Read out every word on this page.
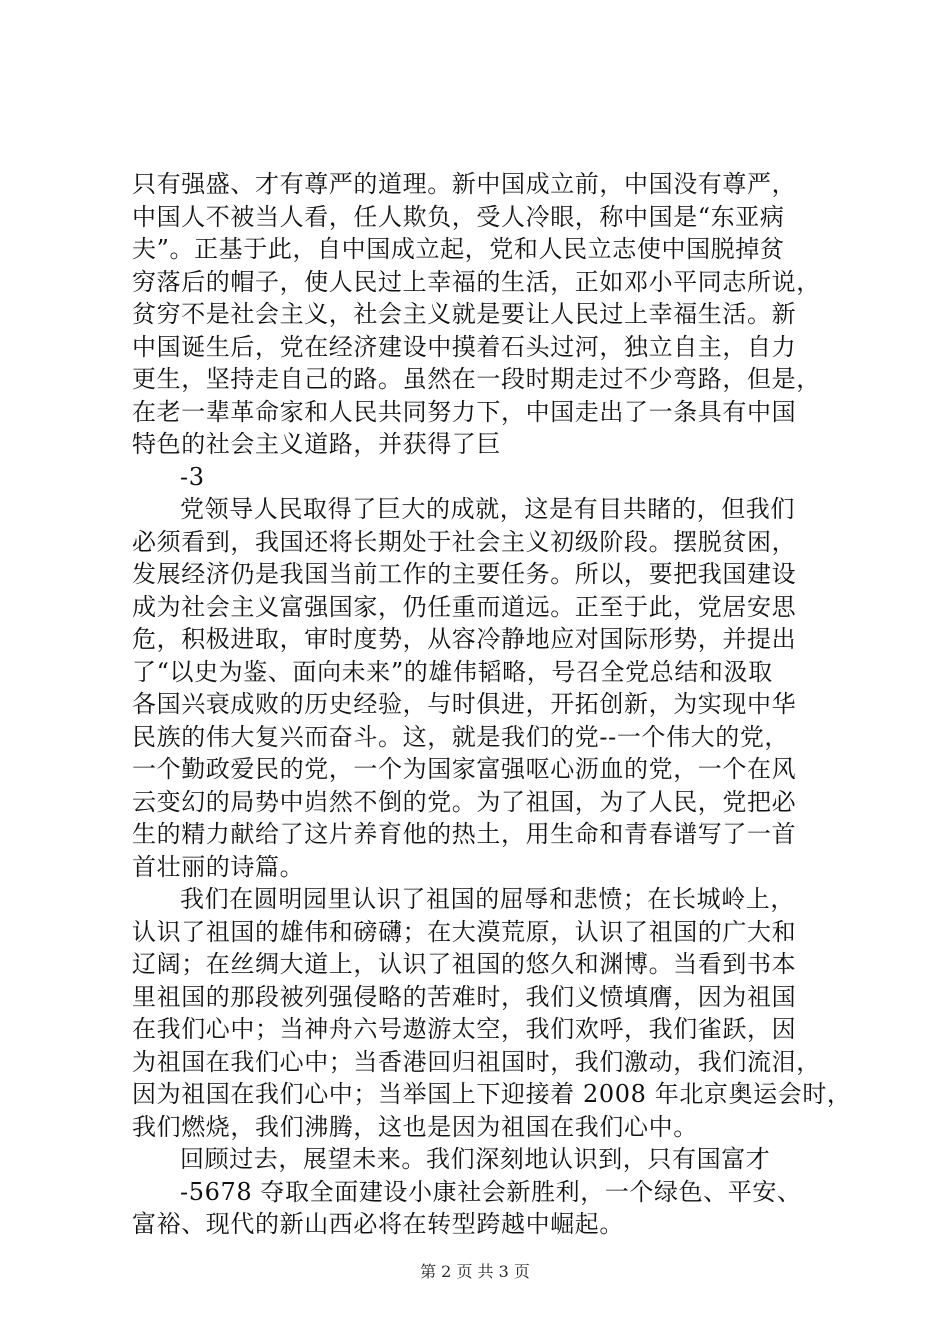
只有强盛、才有尊严的道理。新中国成立前，中国没有尊严，
中国人不被当人看，任人欺负，受人冷眼，称中国是“东亚病
夫”。正基于此，自中国成立起，党和人民立志使中国脱掉贫
穷落后的帽子，使人民过上幸福的生活，正如邓小平同志所说，
贫穷不是社会主义，社会主义就是要让人民过上幸福生活。新
中国诞生后，党在经济建设中摸着石头过河，独立自主，自力
更生，坚持走自己的路。虽然在一段时期走过不少弯路，但是，
在老一辈革命家和人民共同努力下，中国走出了一条具有中国
特色的社会主义道路，并获得了巨
-3
党领导人民取得了巨大的成就，这是有目共睹的，但我们
必须看到，我国还将长期处于社会主义初级阶段。摆脱贫困，
发展经济仍是我国当前工作的主要任务。所以，要把我国建设
成为社会主义富强国家，仍任重而道远。正至于此，党居安思
危，积极进取，审时度势，从容冷静地应对国际形势，并提出
了“以史为鉴、面向未来”的雄伟韬略，号召全党总结和汲取
各国兴衰成败的历史经验，与时俱进，开拓创新，为实现中华
民族的伟大复兴而奋斗。这，就是我们的党--一个伟大的党，
一个勤政爱民的党，一个为国家富强呕心沥血的党，一个在风
云变幻的局势中岿然不倒的党。为了祖国，为了人民，党把必
生的精力献给了这片养育他的热土，用生命和青春谱写了一首
首壮丽的诗篇。
我们在圆明园里认识了祖国的屈辱和悲愤；在长城岭上，
认识了祖国的雄伟和磅礴；在大漠荒原，认识了祖国的广大和
辽阔；在丝绸大道上，认识了祖国的悠久和渊博。当看到书本
里祖国的那段被列强侵略的苦难时，我们义愤填膺，因为祖国
在我们心中；当神舟六号遨游太空，我们欢呼，我们雀跃，因
为祖国在我们心中；当香港回归祖国时，我们激动，我们流泪，
因为祖国在我们心中；当举国上下迎接着 2008 年北京奥运会时，
我们燃烧，我们沸腾，这也是因为祖国在我们心中。
回顾过去，展望未来。我们深刻地认识到，只有国富才
-5678 夺取全面建设小康社会新胜利，一个绿色、平安、
富裕、现代的新山西必将在转型跨越中崛起。
第 2 页 共 3 页
